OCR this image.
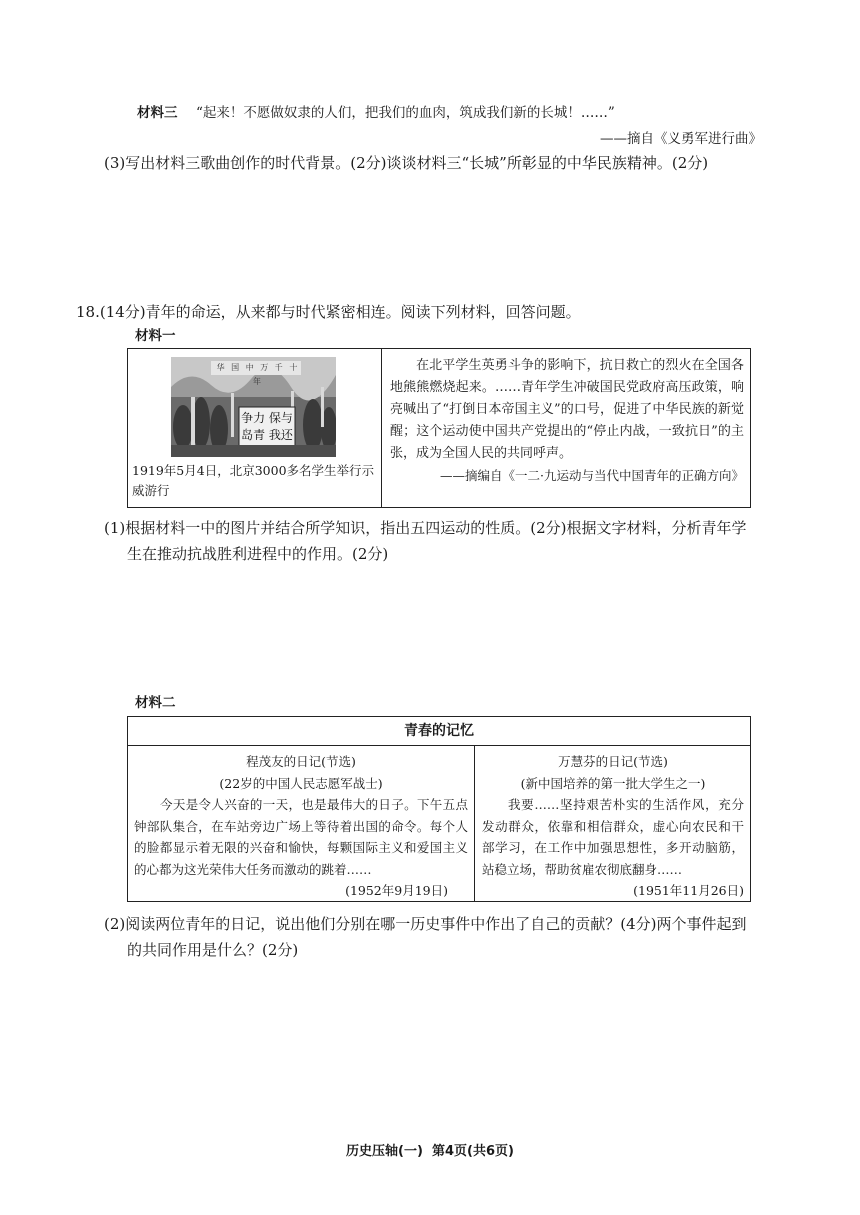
材料三 “起来！不愿做奴隶的人们，把我们的血肉，筑成我们新的长城！……”
——摘自《义勇军进行曲》
(3)写出材料三歌曲创作的时代背景。(2分)谈谈材料三“长城”所彰显的中华民族精神。(2分)
18.(14分)青年的命运，从来都与时代紧密相连。阅读下列材料，回答问题。
材料一
华 国 中 万 千 十 年
争力 保与 岛青 我还
1919年5月4日，北京3000多名学生举行示威游行

在北平学生英勇斗争的影响下，抗日救亡的烈火在全国各地熊熊燃烧起来。……青年学生冲破国民党政府高压政策，响亮喊出了“打倒日本帝国主义”的口号，促进了中华民族的新觉醒；这个运动使中国共产党提出的“停止内战，一致抗日”的主张，成为全国人民的共同呼声。

——摘编自《一二·九运动与当代中国青年的正确方向》
(1)根据材料一中的图片并结合所学知识，指出五四运动的性质。(2分)根据文字材料，分析青年学
生在推动抗战胜利进程中的作用。(2分)
材料二
青春的记忆
程茂友的日记(节选)
(22岁的中国人民志愿军战士)
今天是令人兴奋的一天，也是最伟大的日子。下午五点钟部队集合，在车站旁边广场上等待着出国的命令。每个人的脸都显示着无限的兴奋和愉快，每颗国际主义和爱国主义的心都为这光荣伟大任务而激动的跳着……
(1952年9月19日)
万慧芬的日记(节选)
(新中国培养的第一批大学生之一)
我要……坚持艰苦朴实的生活作风，充分发动群众，依靠和相信群众，虚心向农民和干部学习，在工作中加强思想性，多开动脑筋，站稳立场，帮助贫雇农彻底翻身……
(1951年11月26日)
(2)阅读两位青年的日记，说出他们分别在哪一历史事件中作出了自己的贡献？(4分)两个事件起到
的共同作用是什么？(2分)
历史压轴(一)  第4页(共6页)
